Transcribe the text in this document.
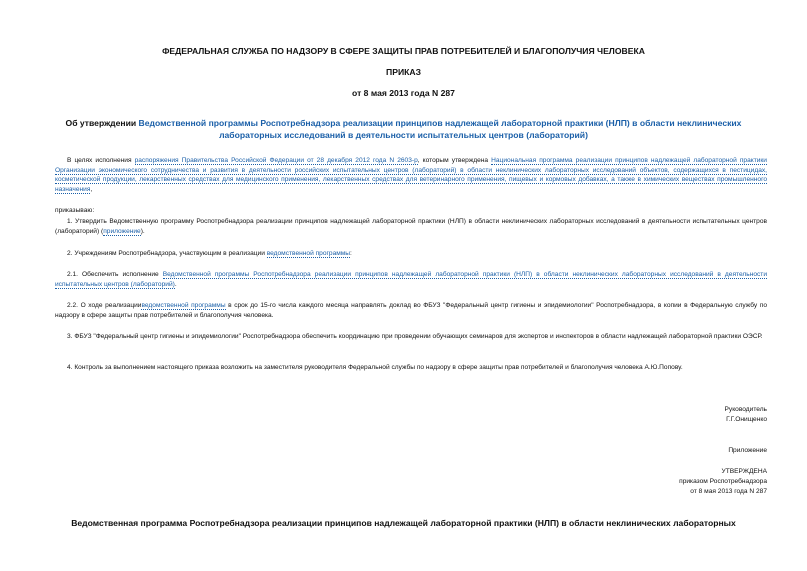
ФЕДЕРАЛЬНАЯ СЛУЖБА ПО НАДЗОРУ В СФЕРЕ ЗАЩИТЫ ПРАВ ПОТРЕБИТЕЛЕЙ И БЛАГОПОЛУЧИЯ ЧЕЛОВЕКА
ПРИКАЗ
от 8 мая 2013 года N 287
Об утверждении Ведомственной программы Роспотребнадзора реализации принципов надлежащей лабораторной практики (НЛП) в области неклинических
лабораторных исследований в деятельности испытательных центров (лабораторий)
В целях исполнения распоряжения Правительства Российской Федерации от 28 декабря 2012 года N 2603-р, которым утверждена Национальная программа реализации принципов надлежащей лабораторной практики Организации экономического сотрудничества и развития в деятельности российских испытательных центров (лабораторий) в области неклинических лабораторных исследований объектов, содержащихся в пестицидах, косметической продукции, лекарственных средствах для медицинского применения, лекарственных средствах для ветеринарного применения, пищевых и кормовых добавках, а также в химических веществах промышленного назначения,
приказываю:
1. Утвердить Ведомственную программу Роспотребнадзора реализации принципов надлежащей лабораторной практики (НЛП) в области неклинических лабораторных исследований в деятельности испытательных центров (лабораторий) (приложение).
2. Учреждениям Роспотребнадзора, участвующим в реализации ведомственной программы:
2.1. Обеспечить исполнение Ведомственной программы Роспотребнадзора реализации принципов надлежащей лабораторной практики (НЛП) в области неклинических лабораторных исследований в деятельности испытательных центров (лабораторий).
2.2. О ходе реализацииведомственной программы в срок до 15-го числа каждого месяца направлять доклад во ФБУЗ "Федеральный центр гигиены и эпидемиологии" Роспотребнадзора, в копии в Федеральную службу по надзору в сфере защиты прав потребителей и благополучия человека.
3. ФБУЗ "Федеральный центр гигиены и эпидемиологии" Роспотребнадзора обеспечить координацию при проведении обучающих семинаров для экспертов и инспекторов в области надлежащей лабораторной практики ОЭСР.
4. Контроль за выполнением настоящего приказа возложить на заместителя руководителя Федеральной службы по надзору в сфере защиты прав потребителей и благополучия человека А.Ю.Попову.
Руководитель
Г.Г.Онищенко
Приложение
УТВЕРЖДЕНА
приказом Роспотребнадзора
от 8 мая 2013 года N 287
Ведомственная программа Роспотребнадзора реализации принципов надлежащей лабораторной практики (НЛП) в области неклинических лабораторных
